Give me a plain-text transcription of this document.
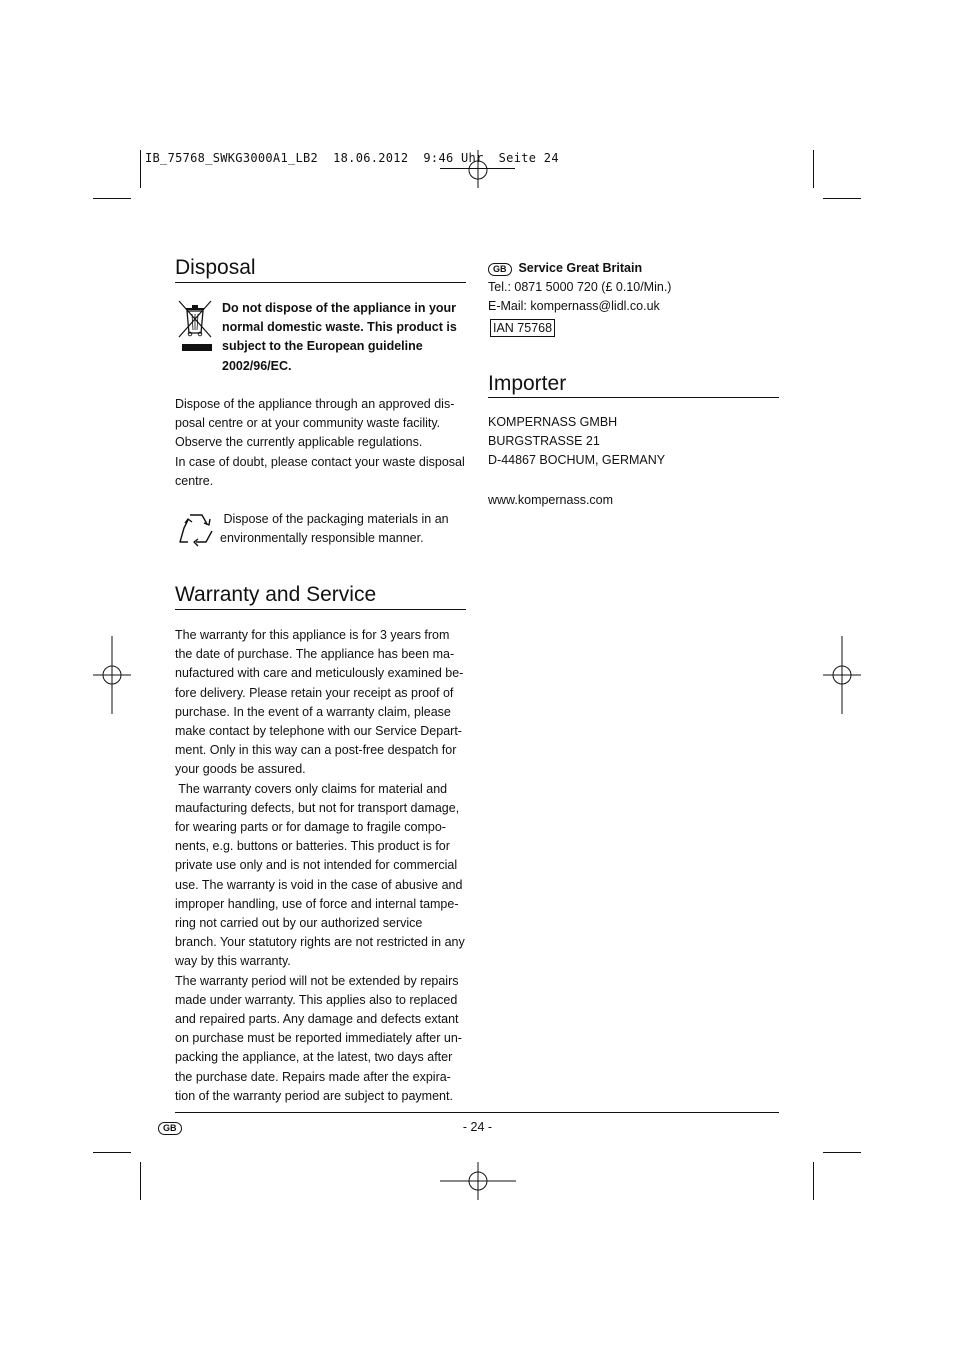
IB_75768_SWKG3000A1_LB2  18.06.2012  9:46 Uhr  Seite 24
Disposal

Do not dispose of the appliance in your

normal domestic waste. This product is

subject to the European guideline

2002/96/EC.

Dispose of the appliance through an approved dis-

posal centre or at your community waste facility.

Observe the currently applicable regulations.

In case of doubt, please contact your waste disposal

centre.

Dispose of the packaging materials in an

environmentally responsible manner.

Warranty and Service

The warranty for this appliance is for 3 years from

the date of purchase. The appliance has been ma-

nufactured with care and meticulously examined be-

fore delivery. Please retain your receipt as proof of

purchase. In the event of a warranty claim, please

make contact by telephone with our Service Depart-

ment. Only in this way can a post-free despatch for

your goods be assured.

The warranty covers only claims for material and

maufacturing defects, but not for transport damage,

for wearing parts or for damage to fragile compo-

nents, e.g. buttons or batteries. This product is for

private use only and is not intended for commercial

use. The warranty is void in the case of abusive and

improper handling, use of force and internal tampe-

ring not carried out by our authorized service

branch. Your statutory rights are not restricted in any

way by this warranty.

The warranty period will not be extended by repairs

made under warranty. This applies also to replaced

and repaired parts. Any damage and defects extant

on purchase must be reported immediately after un-

packing the appliance, at the latest, two days after

the purchase date. Repairs made after the expira-

tion of the warranty period are subject to payment.

GB Service Great Britain

Tel.: 0871 5000 720 (£ 0.10/Min.)

E-Mail: kompernass@lidl.co.uk

IAN 75768

Importer

KOMPERNASS GMBH

BURGSTRASSE 21

D-44867 BOCHUM, GERMANY

www.kompernass.com
GB	- 24 -
